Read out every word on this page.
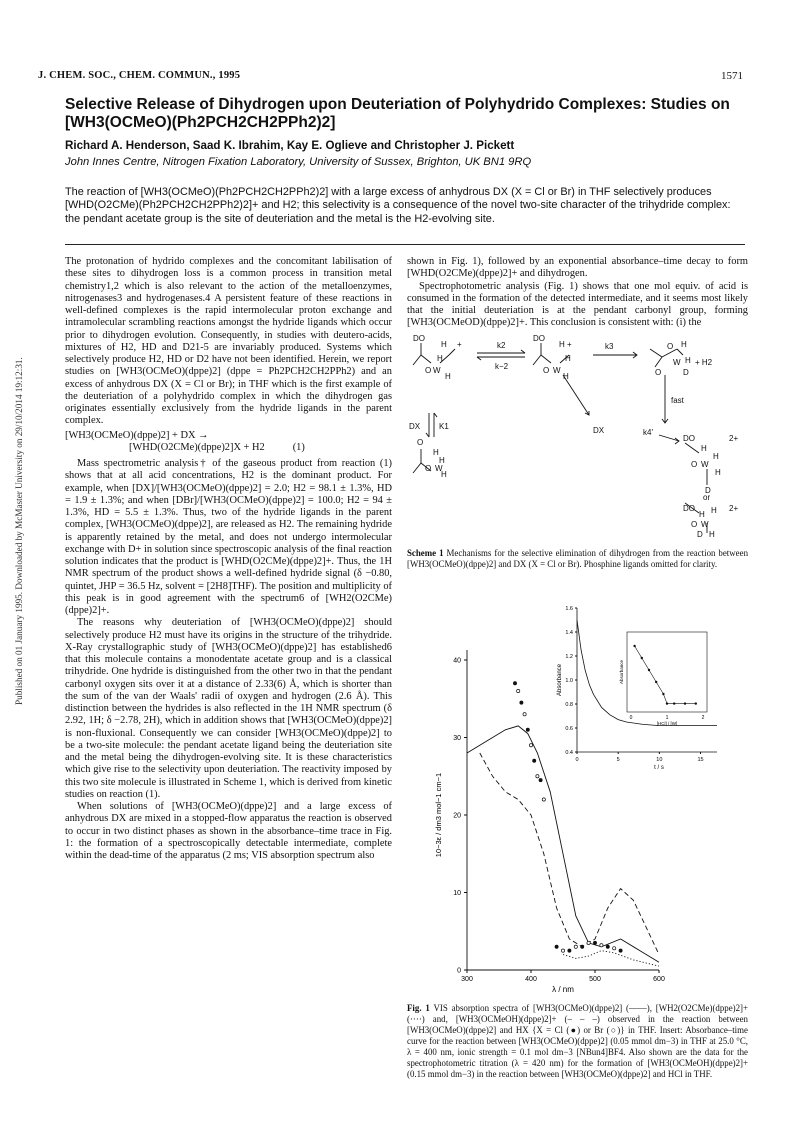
Published on 01 January 1995. Downloaded by McMaster University on 29/10/2014 19:12:31.
J. CHEM. SOC., CHEM. COMMUN., 1995	1571
Selective Release of Dihydrogen upon Deuteriation of Polyhydrido Complexes: Studies on [WH3(OCMeO)(Ph2PCH2CH2PPh2)2]
Richard A. Henderson, Saad K. Ibrahim, Kay E. Oglieve and Christopher J. Pickett
John Innes Centre, Nitrogen Fixation Laboratory, University of Sussex, Brighton, UK BN1 9RQ
The reaction of [WH3(OCMeO)(Ph2PCH2CH2PPh2)2] with a large excess of anhydrous DX (X = Cl or Br) in THF selectively produces [WHD(O2CMe)(Ph2PCH2CH2PPh2)2]+ and H2; this selectivity is a consequence of the novel two-site character of the trihydride complex: the pendant acetate group is the site of deuteriation and the metal is the H2-evolving site.

The protonation of hydrido complexes and the concomitant labilisation of these sites to dihydrogen loss is a common process in transition metal chemistry1,2 which is also relevant to the action of the metalloenzymes, nitrogenases3 and hydrogenases.4 A persistent feature of these reactions in well-defined complexes is the rapid intermolecular proton exchange and intramolecular scrambling reactions amongst the hydride ligands which occur prior to dihydrogen evolution. Consequently, in studies with deutero-acids, mixtures of H2, HD and D21-5 are invariably produced. Systems which selectively produce H2, HD or D2 have not been identified. Herein, we report studies on [WH3(OCMeO)(dppe)2] (dppe = Ph2PCH2CH2PPh2) and an excess of anhydrous DX (X = Cl or Br); in THF which is the first example of the deuteriation of a polyhydrido complex in which the dihydrogen gas originates essentially exclusively from the hydride ligands in the parent complex.

[WH3(OCMeO)(dppe)2] + DX →
[WHD(O2CMe)(dppe)2]X + H2	(1)

Mass spectrometric analysis† of the gaseous product from reaction (1) shows that at all acid concentrations, H2 is the dominant product. For example, when [DX]/[WH3(OCMeO)(dppe)2] = 2.0; H2 = 98.1 ± 1.3%, HD = 1.9 ± 1.3%; and when [DBr]/[WH3(OCMeO)(dppe)2] = 100.0; H2 = 94 ± 1.3%, HD = 5.5 ± 1.3%. Thus, two of the hydride ligands in the parent complex, [WH3(OCMeO)(dppe)2], are released as H2. The remaining hydride is apparently retained by the metal, and does not undergo intermolecular exchange with D+ in solution since spectroscopic analysis of the final reaction solution indicates that the product is [WHD(O2CMe)(dppe)2]+. Thus, the 1H NMR spectrum of the product shows a well-defined hydride signal (δ −0.80, quintet, JHP = 36.5 Hz, solvent = [2H8]THF). The position and multiplicity of this peak is in good agreement with the spectrum6 of [WH2(O2CMe)(dppe)2]+.

The reasons why deuteriation of [WH3(OCMeO)(dppe)2] should selectively produce H2 must have its origins in the structure of the trihydride. X-Ray crystallographic study of [WH3(OCMeO)(dppe)2] has established6 that this molecule contains a monodentate acetate group and is a classical trihydride. One hydride is distinguished from the other two in that the pendant carbonyl oxygen sits over it at a distance of 2.33(6) Å, which is shorter than the sum of the van der Waals' radii of oxygen and hydrogen (2.6 Å). This distinction between the hydrides is also reflected in the 1H NMR spectrum (δ 2.92, 1H; δ −2.78, 2H), which in addition shows that [WH3(OCMeO)(dppe)2] is non-fluxional. Consequently we can consider [WH3(OCMeO)(dppe)2] to be a two-site molecule: the pendant acetate ligand being the deuteriation site and the metal being the dihydrogen-evolving site. It is these characteristics which give rise to the selectivity upon deuteriation. The reactivity imposed by this two site molecule is illustrated in Scheme 1, which is derived from kinetic studies on reaction (1).

When solutions of [WH3(OCMeO)(dppe)2] and a large excess of anhydrous DX are mixed in a stopped-flow apparatus the reaction is observed to occur in two distinct phases as shown in the absorbance–time trace in Fig. 1: the formation of a spectroscopically detectable intermediate, complete within the dead-time of the apparatus (2 ms; VIS absorption spectrum also

shown in Fig. 1), followed by an exponential absorbance–time decay to form [WHD(O2CMe)(dppe)2]+ and dihydrogen.

Spectrophotometric analysis (Fig. 1) shows that one mol equiv. of acid is consumed in the formation of the detected intermediate, and it seems most likely that the initial deuteriation is at the pendant carbonyl group, forming [WH3(OCMeOD)(dppe)2]+. This conclusion is consistent with: (i) the

DO
H +
H
O W
H
k2
k−2
DO
H +
H
O W
H
k3	O H
W H + H2
D
O
DX K1
O
H
H
O W
H
DX
fast
k4'
DO	2+
H
H
O W
H
D
or
DO	2+
H H
O W
D H
Scheme 1 Mechanisms for the selective elimination of dihydrogen from the reaction between [WH3(OCMeO)(dppe)2] and DX (X = Cl or Br). Phosphine ligands omitted for clarity.
300	400	500	600
0
10
20
30
40
0	5	10	15
0.4
0.6
0.8
1.0
1.2
1.4
1.6
t / s
Absorbance
0	1	2
[HCl] / [W]
Absorbance
λ / nm
10−3ε / dm3 mol−1 cm−1
Fig. 1 VIS absorption spectra of [WH3(OCMeO)(dppe)2] (——), [WH2(O2CMe)(dppe)2]+ (····) and, [WH3(OCMeOH)(dppe)2]+ (– – –) observed in the reaction between [WH3(OCMeO)(dppe)2] and HX {X = Cl (●) or Br (○)} in THF. Insert: Absorbance–time curve for the reaction between [WH3(OCMeO)(dppe)2] (0.05 mmol dm−3) in THF at 25.0 °C, λ = 400 nm, ionic strength = 0.1 mol dm−3 [NBun4]BF4. Also shown are the data for the spectrophotometric titration (λ = 420 nm) for the formation of [WH3(OCMeOH)(dppe)2]+ (0.15 mmol dm−3) in the reaction between [WH3(OCMeO)(dppe)2] and HCl in THF.
